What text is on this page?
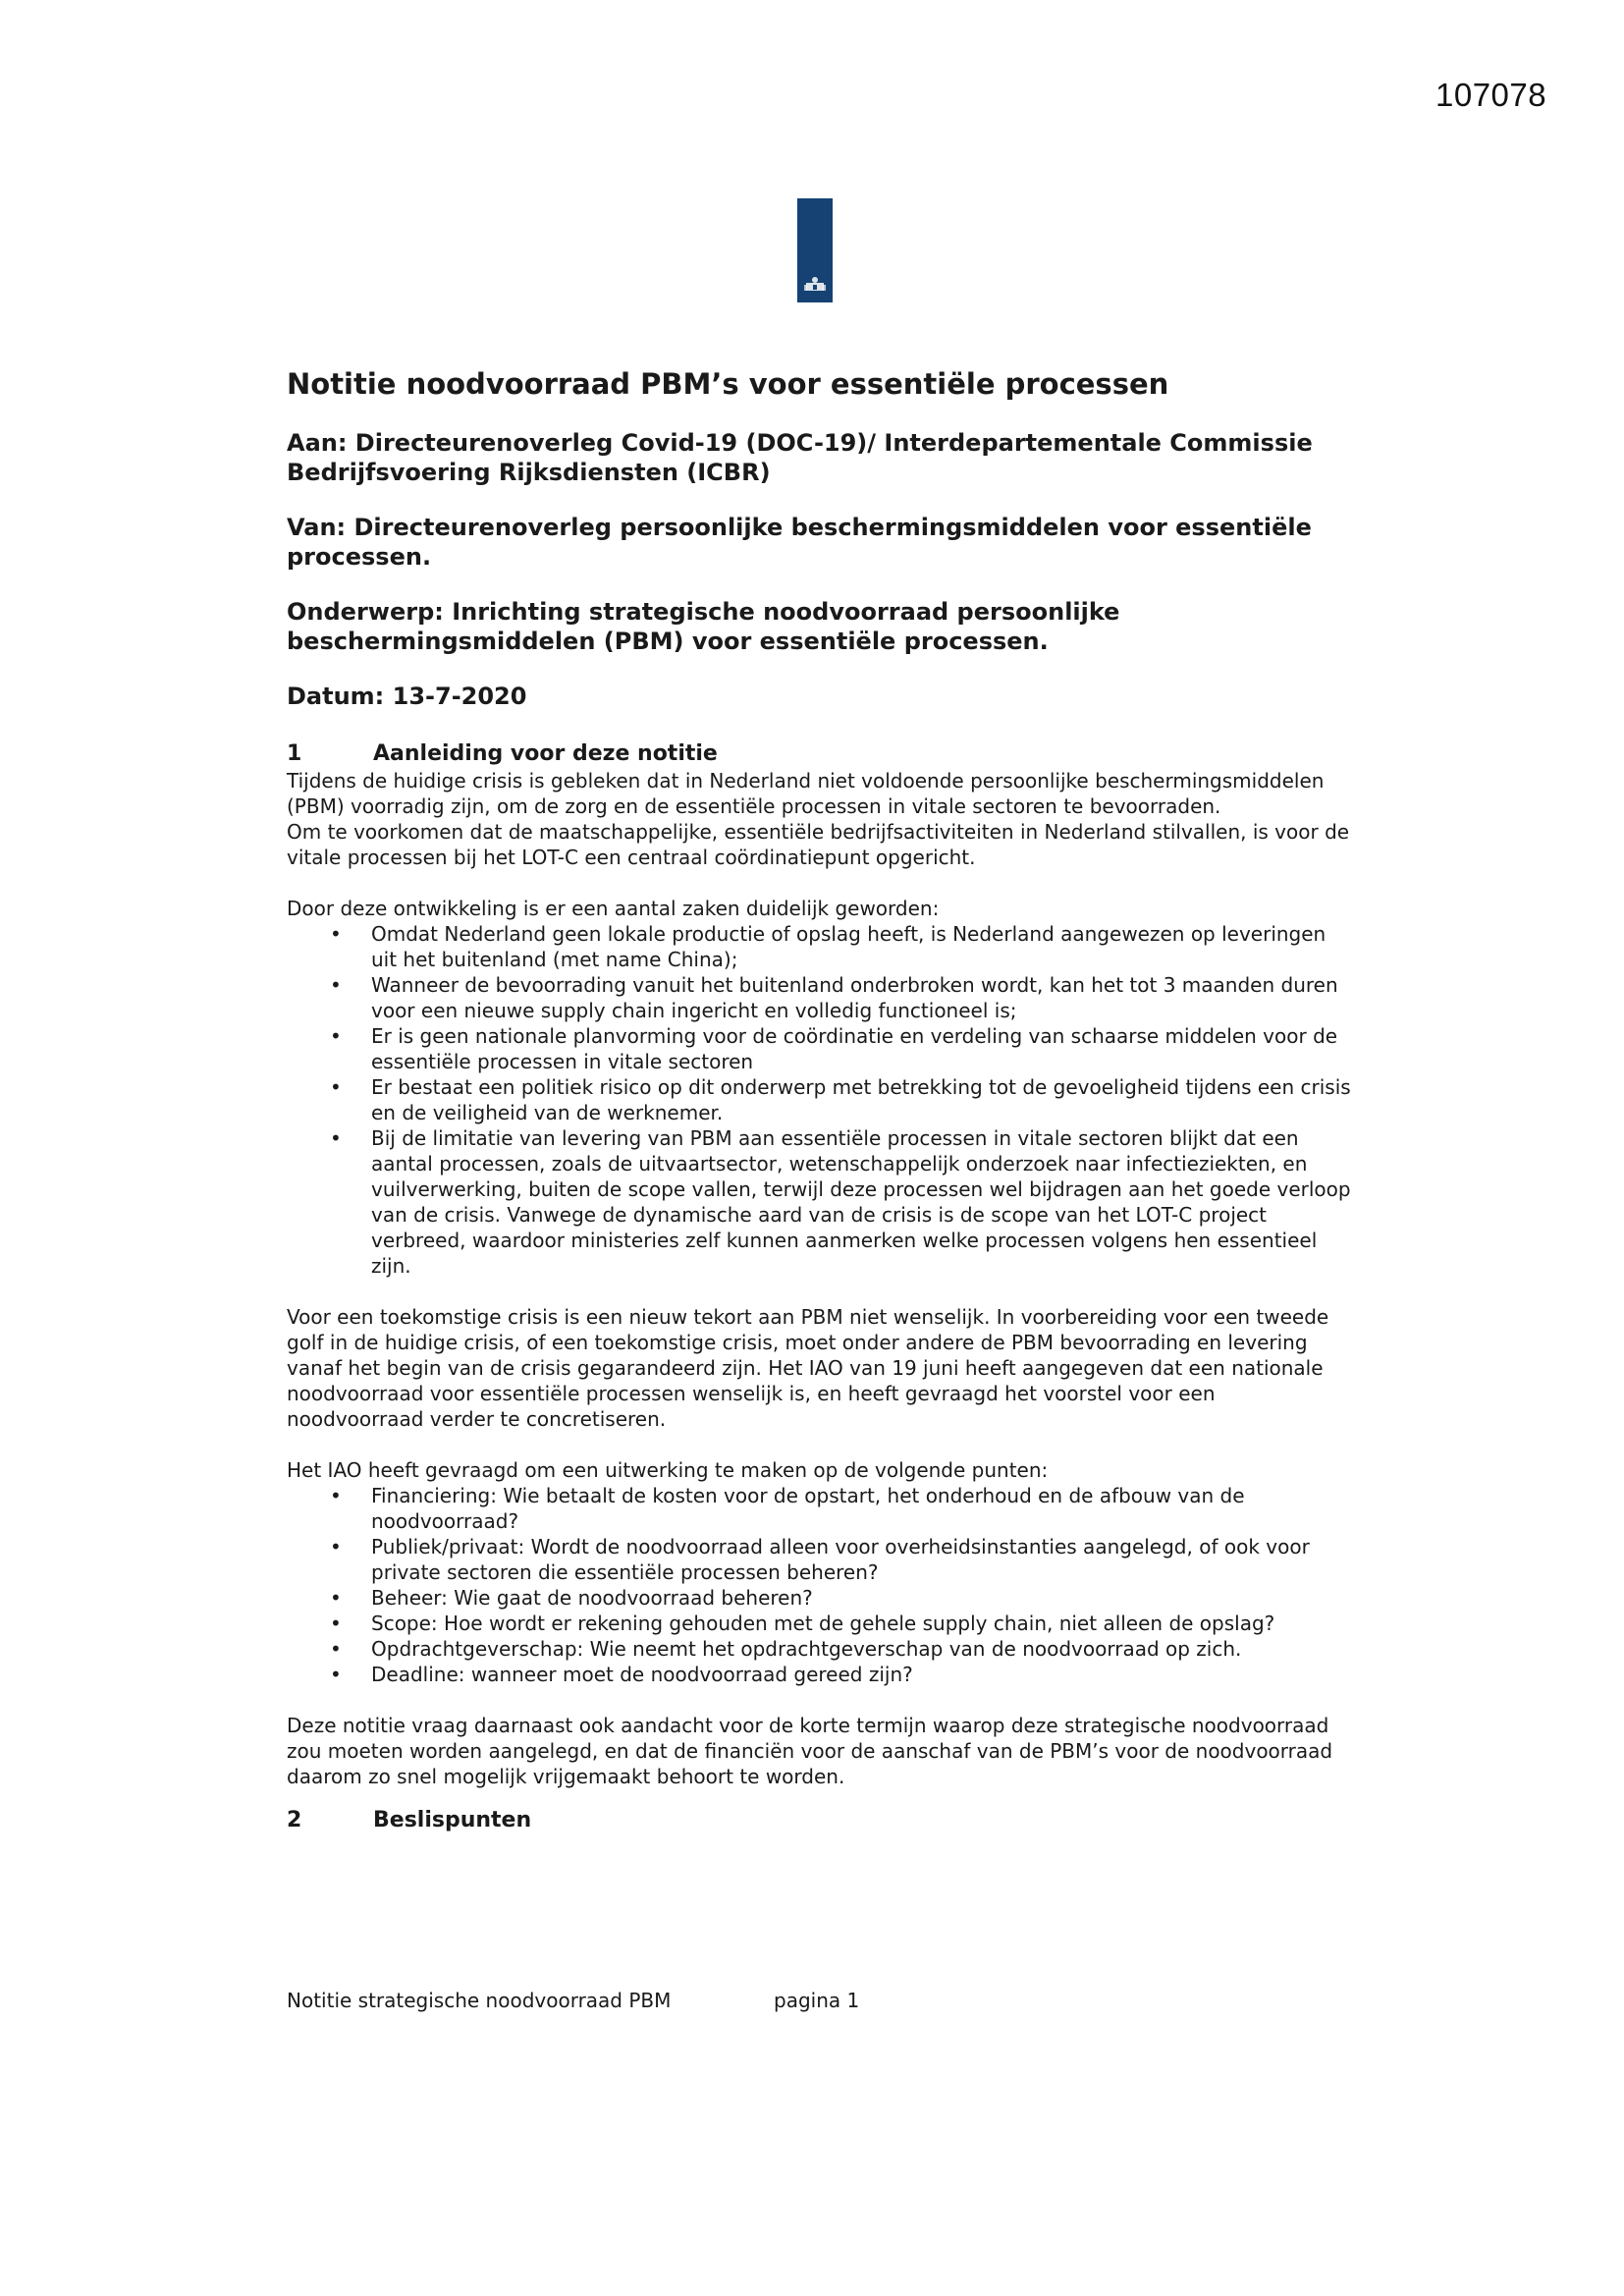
107078
Notitie noodvoorraad PBM’s voor essentiële processen
Aan: Directeurenoverleg Covid-19 (DOC-19)/ Interdepartementale Commissie Bedrijfsvoering Rijksdiensten (ICBR)
Van: Directeurenoverleg persoonlijke beschermingsmiddelen voor essentiële processen.
Onderwerp: Inrichting strategische noodvoorraad persoonlijke beschermingsmiddelen (PBM) voor essentiële processen.
Datum: 13-7-2020
1	Aanleiding voor deze notitie

Tijdens de huidige crisis is gebleken dat in Nederland niet voldoende persoonlijke beschermingsmiddelen (PBM) voorradig zijn, om de zorg en de essentiële processen in vitale sectoren te bevoorraden.

Om te voorkomen dat de maatschappelijke, essentiële bedrijfsactiviteiten in Nederland stilvallen, is voor de vitale processen bij het LOT-C een centraal coördinatiepunt opgericht.

Door deze ontwikkeling is er een aantal zaken duidelijk geworden:

• Omdat Nederland geen lokale productie of opslag heeft, is Nederland aangewezen op leveringen uit het buitenland (met name China);
• Wanneer de bevoorrading vanuit het buitenland onderbroken wordt, kan het tot 3 maanden duren voor een nieuwe supply chain ingericht en volledig functioneel is;
• Er is geen nationale planvorming voor de coördinatie en verdeling van schaarse middelen voor de essentiële processen in vitale sectoren
• Er bestaat een politiek risico op dit onderwerp met betrekking tot de gevoeligheid tijdens een crisis en de veiligheid van de werknemer.
• Bij de limitatie van levering van PBM aan essentiële processen in vitale sectoren blijkt dat een aantal processen, zoals de uitvaartsector, wetenschappelijk onderzoek naar infectieziekten, en vuilverwerking, buiten de scope vallen, terwijl deze processen wel bijdragen aan het goede verloop van de crisis. Vanwege de dynamische aard van de crisis is de scope van het LOT-C project verbreed, waardoor ministeries zelf kunnen aanmerken welke processen volgens hen essentieel zijn.

Voor een toekomstige crisis is een nieuw tekort aan PBM niet wenselijk. In voorbereiding voor een tweede golf in de huidige crisis, of een toekomstige crisis, moet onder andere de PBM bevoorrading en levering vanaf het begin van de crisis gegarandeerd zijn. Het IAO van 19 juni heeft aangegeven dat een nationale noodvoorraad voor essentiële processen wenselijk is, en heeft gevraagd het voorstel voor een noodvoorraad verder te concretiseren.

Het IAO heeft gevraagd om een uitwerking te maken op de volgende punten:

• Financiering: Wie betaalt de kosten voor de opstart, het onderhoud en de afbouw van de noodvoorraad?
• Publiek/privaat: Wordt de noodvoorraad alleen voor overheidsinstanties aangelegd, of ook voor private sectoren die essentiële processen beheren?
• Beheer: Wie gaat de noodvoorraad beheren?
• Scope: Hoe wordt er rekening gehouden met de gehele supply chain, niet alleen de opslag?
• Opdrachtgeverschap: Wie neemt het opdrachtgeverschap van de noodvoorraad op zich.
• Deadline: wanneer moet de noodvoorraad gereed zijn?

Deze notitie vraag daarnaast ook aandacht voor de korte termijn waarop deze strategische noodvoorraad zou moeten worden aangelegd, en dat de financiën voor de aanschaf van de PBM’s voor de noodvoorraad daarom zo snel mogelijk vrijgemaakt behoort te worden.

2	Beslispunten
Notitie strategische noodvoorraad PBM	pagina 1
